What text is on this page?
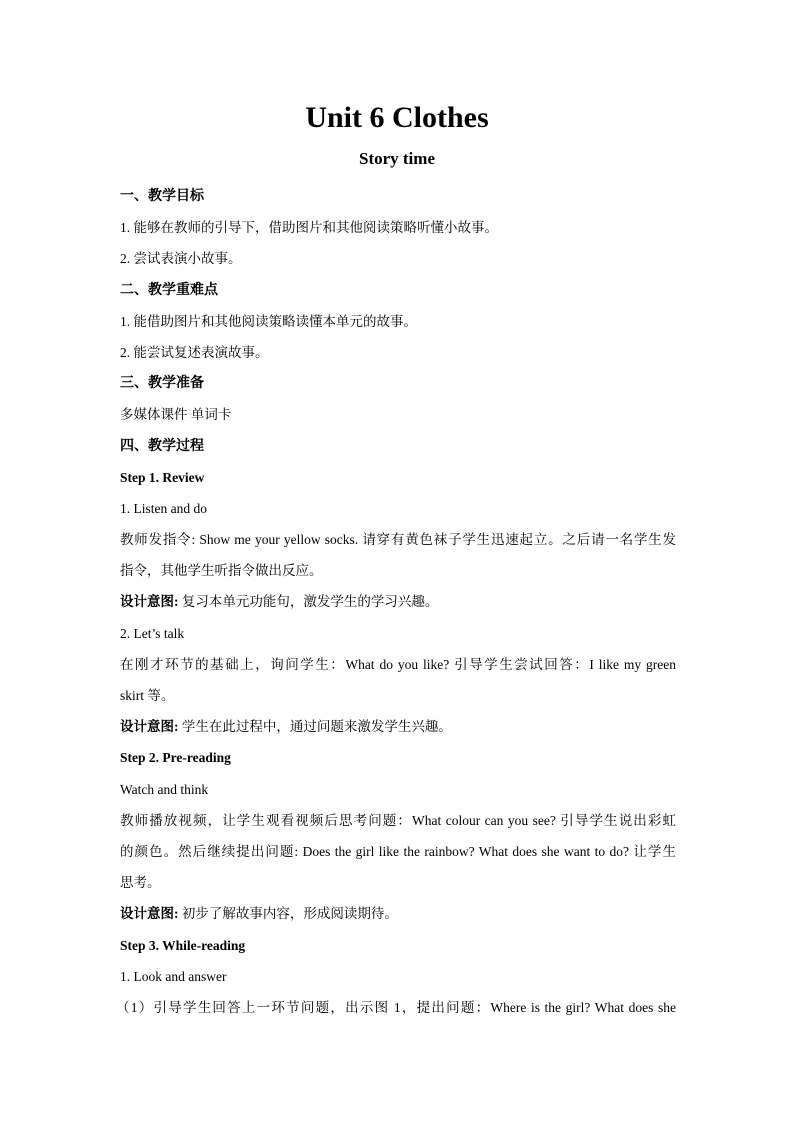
Unit 6 Clothes
Story time

一、教学目标

1. 能够在教师的引导下，借助图片和其他阅读策略听懂小故事。

2. 尝试表演小故事。

二、教学重难点

1. 能借助图片和其他阅读策略读懂本单元的故事。

2. 能尝试复述表演故事。

三、教学准备

多媒体课件 单词卡

四、教学过程

Step 1. Review

1. Listen and do

教师发指令: Show me your yellow socks. 请穿有黄色袜子学生迅速起立。之后请一名学生发

指令，其他学生听指令做出反应。

设计意图: 复习本单元功能句，激发学生的学习兴趣。

2. Let’s talk

在刚才环节的基础上，询问学生：What do you like? 引导学生尝试回答：I like my green

skirt 等。

设计意图: 学生在此过程中，通过问题来激发学生兴趣。

Step 2. Pre-reading

Watch and think

教师播放视频，让学生观看视频后思考问题：What colour can you see? 引导学生说出彩虹

的颜色。然后继续提出问题: Does the girl like the rainbow? What does she want to do? 让学生

思考。

设计意图: 初步了解故事内容，形成阅读期待。

Step 3. While-reading

1. Look and answer

（1）引导学生回答上一环节问题，出示图 1，提出问题：Where is the girl? What does she
